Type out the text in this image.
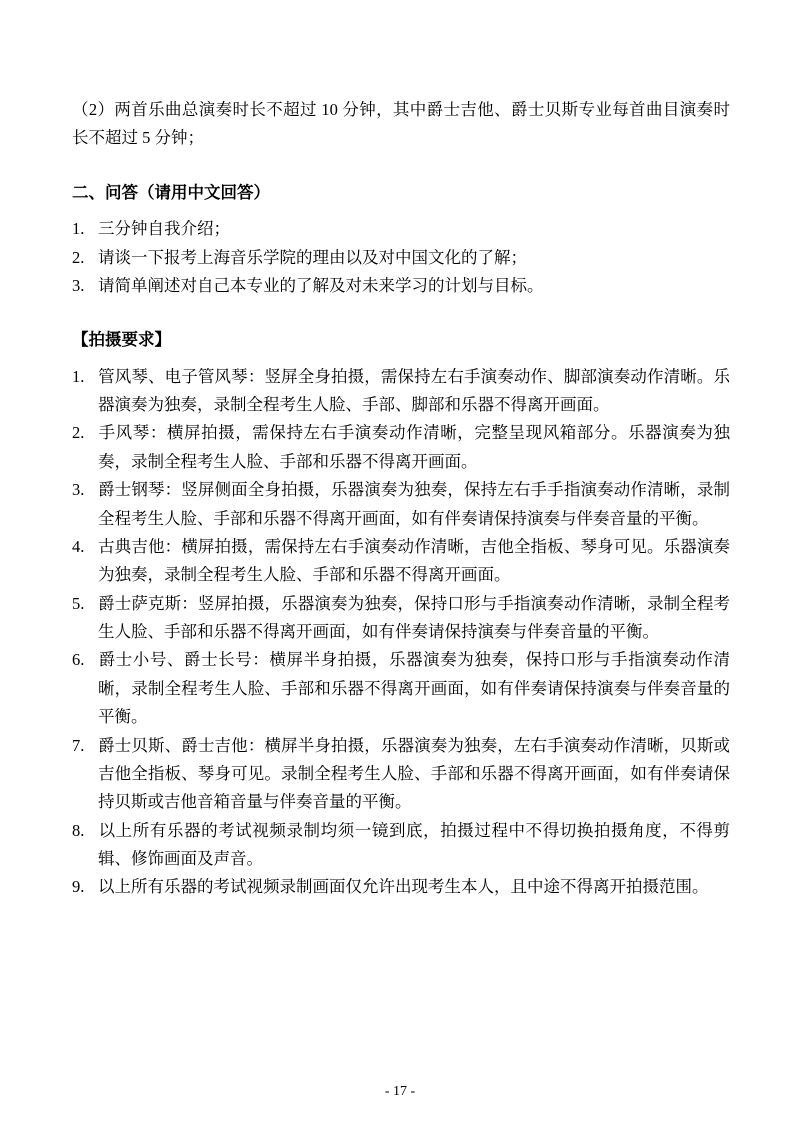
（2）两首乐曲总演奏时长不超过 10 分钟，其中爵士吉他、爵士贝斯专业每首曲目演奏时长不超过 5 分钟；

二、问答（请用中文回答）

1. 三分钟自我介绍；
2. 请谈一下报考上海音乐学院的理由以及对中国文化的了解；
3. 请简单阐述对自己本专业的了解及对未来学习的计划与目标。

【拍摄要求】

1. 管风琴、电子管风琴：竖屏全身拍摄，需保持左右手演奏动作、脚部演奏动作清晰。乐器演奏为独奏，录制全程考生人脸、手部、脚部和乐器不得离开画面。
2. 手风琴：横屏拍摄，需保持左右手演奏动作清晰，完整呈现风箱部分。乐器演奏为独奏，录制全程考生人脸、手部和乐器不得离开画面。
3. 爵士钢琴：竖屏侧面全身拍摄，乐器演奏为独奏，保持左右手手指演奏动作清晰，录制全程考生人脸、手部和乐器不得离开画面，如有伴奏请保持演奏与伴奏音量的平衡。
4. 古典吉他：横屏拍摄，需保持左右手演奏动作清晰，吉他全指板、琴身可见。乐器演奏为独奏，录制全程考生人脸、手部和乐器不得离开画面。
5. 爵士萨克斯：竖屏拍摄，乐器演奏为独奏，保持口形与手指演奏动作清晰，录制全程考生人脸、手部和乐器不得离开画面，如有伴奏请保持演奏与伴奏音量的平衡。
6. 爵士小号、爵士长号：横屏半身拍摄，乐器演奏为独奏，保持口形与手指演奏动作清晰，录制全程考生人脸、手部和乐器不得离开画面，如有伴奏请保持演奏与伴奏音量的平衡。
7. 爵士贝斯、爵士吉他：横屏半身拍摄，乐器演奏为独奏，左右手演奏动作清晰，贝斯或吉他全指板、琴身可见。录制全程考生人脸、手部和乐器不得离开画面，如有伴奏请保持贝斯或吉他音箱音量与伴奏音量的平衡。
8. 以上所有乐器的考试视频录制均须一镜到底，拍摄过程中不得切换拍摄角度，不得剪辑、修饰画面及声音。
9. 以上所有乐器的考试视频录制画面仅允许出现考生本人，且中途不得离开拍摄范围。
- 17 -
